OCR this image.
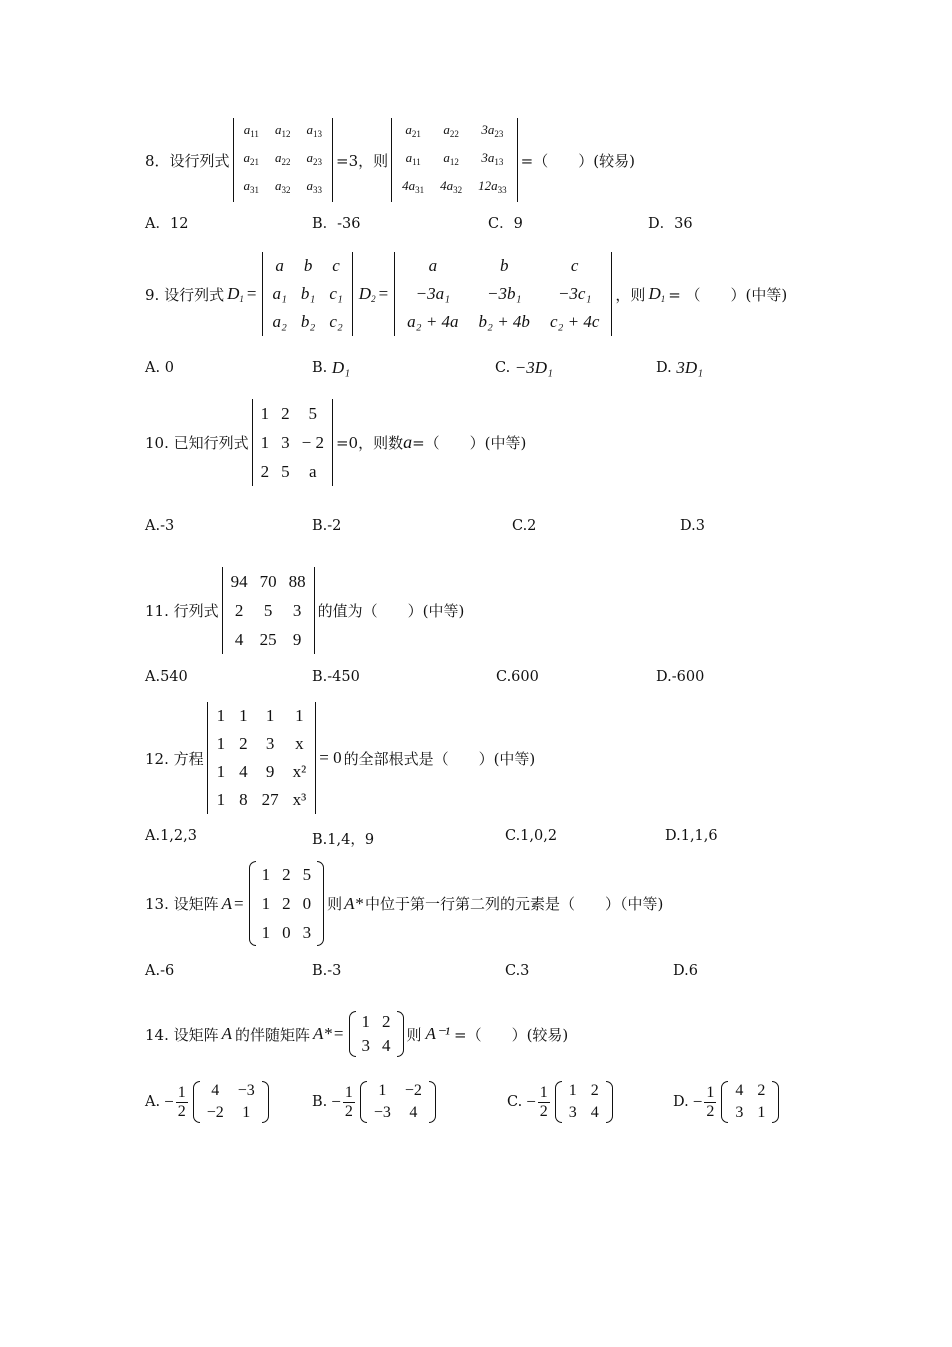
8．设行列式
$a_{11}$	$a_{12}$	$a_{13}$
$a_{21}$	$a_{22}$	$a_{23}$
$a_{31}$	$a_{32}$	$a_{33}$
=3，则
$a_{21}$	$a_{22}$	$3a_{23}$
$a_{11}$	$a_{12}$	$3a_{13}$
$4a_{31}$	$4a_{32}$	$12a_{33}$
=（　　）(较易)
A．12	B．-36	C．9	D．36
9. 设行列式 $D_1$ =
a	b	c
a₁	b₁	c₁
a₂	b₂	c₂
$D_2$ =
a	b	c
−3a₁	−3b₁	−3c₁
a₂ + 4a	b₂ + 4b	c₂ + 4c
，则 $D_1$ = （　　）(中等)
A. 0	B.
D₁	C.
−3D₁	D.
3D₁
10. 已知行列式
1	2	5
1	3	− 2
2	5	a
=0，则数 a =（　　）(中等)
A.-3	B.-2	C.2	D.3
11. 行列式
94	70	88
2	5	3
4	25	9
的值为（　　）(中等)
A.540	B.-450	C.600	D.-600
12. 方程
1	1	1	1
1	2	3	x
1	4	9	x²
1	8	27	x³
= 0 的全部根式是（　　）(中等)
A.1,2,3	B.1,4，9	C.1,0,2	D.1,1,6
13. 设矩阵 A =
1	2	5
1	2	0
1	0	3
则 A* 中位于第一行第二列的元素是（　　）（中等)
A.-6	B.-3	C.3	D.6
14. 设矩阵 A 的伴随矩阵 A* =
1	2
3	4
则 A⁻¹ =（　　）(较易)
A. − $\frac{1}{2} 4$	−3
−2	1
B. − $\frac{1}{2} 1$	−2
−3	4
C. − $\frac{1}{2} 1$	2
3	4
D. − $\frac{1}{2} 4$	2
3	1
